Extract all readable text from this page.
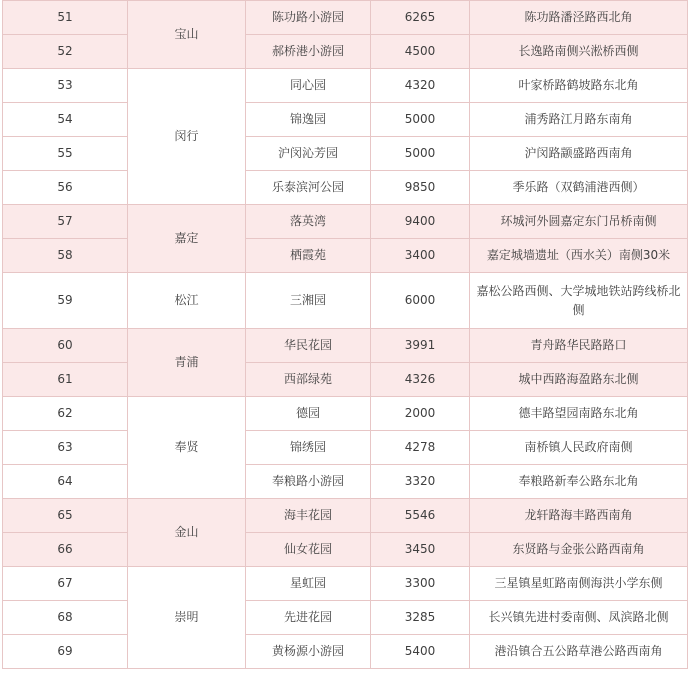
51	宝山	陈功路小游园	6265	陈功路潘泾路西北角
52		郝桥港小游园	4500	长逸路南侧兴淞桥西侧
53	闵行	同心园	4320	叶家桥路鹤坡路东北角
54		锦逸园	5000	浦秀路江月路东南角
55		沪闵沁芳园	5000	沪闵路颛盛路西南角
56		乐泰滨河公园	9850	季乐路（双鹤浦港西侧）
57	嘉定	落英湾	9400	环城河外圆嘉定东门吊桥南侧
58		栖霞苑	3400	嘉定城墙遗址（西水关）南侧30米
59	松江	三湘园	6000	嘉松公路西侧、大学城地铁站跨线桥北侧
60	青浦	华民花园	3991	青舟路华民路路口
61		西部绿苑	4326	城中西路海盈路东北侧
62	奉贤	德园	2000	德丰路望园南路东北角
63		锦绣园	4278	南桥镇人民政府南侧
64		奉粮路小游园	3320	奉粮路新奉公路东北角
65	金山	海丰花园	5546	龙轩路海丰路西南角
66		仙女花园	3450	东贤路与金张公路西南角
67	崇明	星虹园	3300	三星镇星虹路南侧海洪小学东侧
68		先进花园	3285	长兴镇先进村委南侧、凤滨路北侧
69		黄杨源小游园	5400	港沿镇合五公路草港公路西南角
